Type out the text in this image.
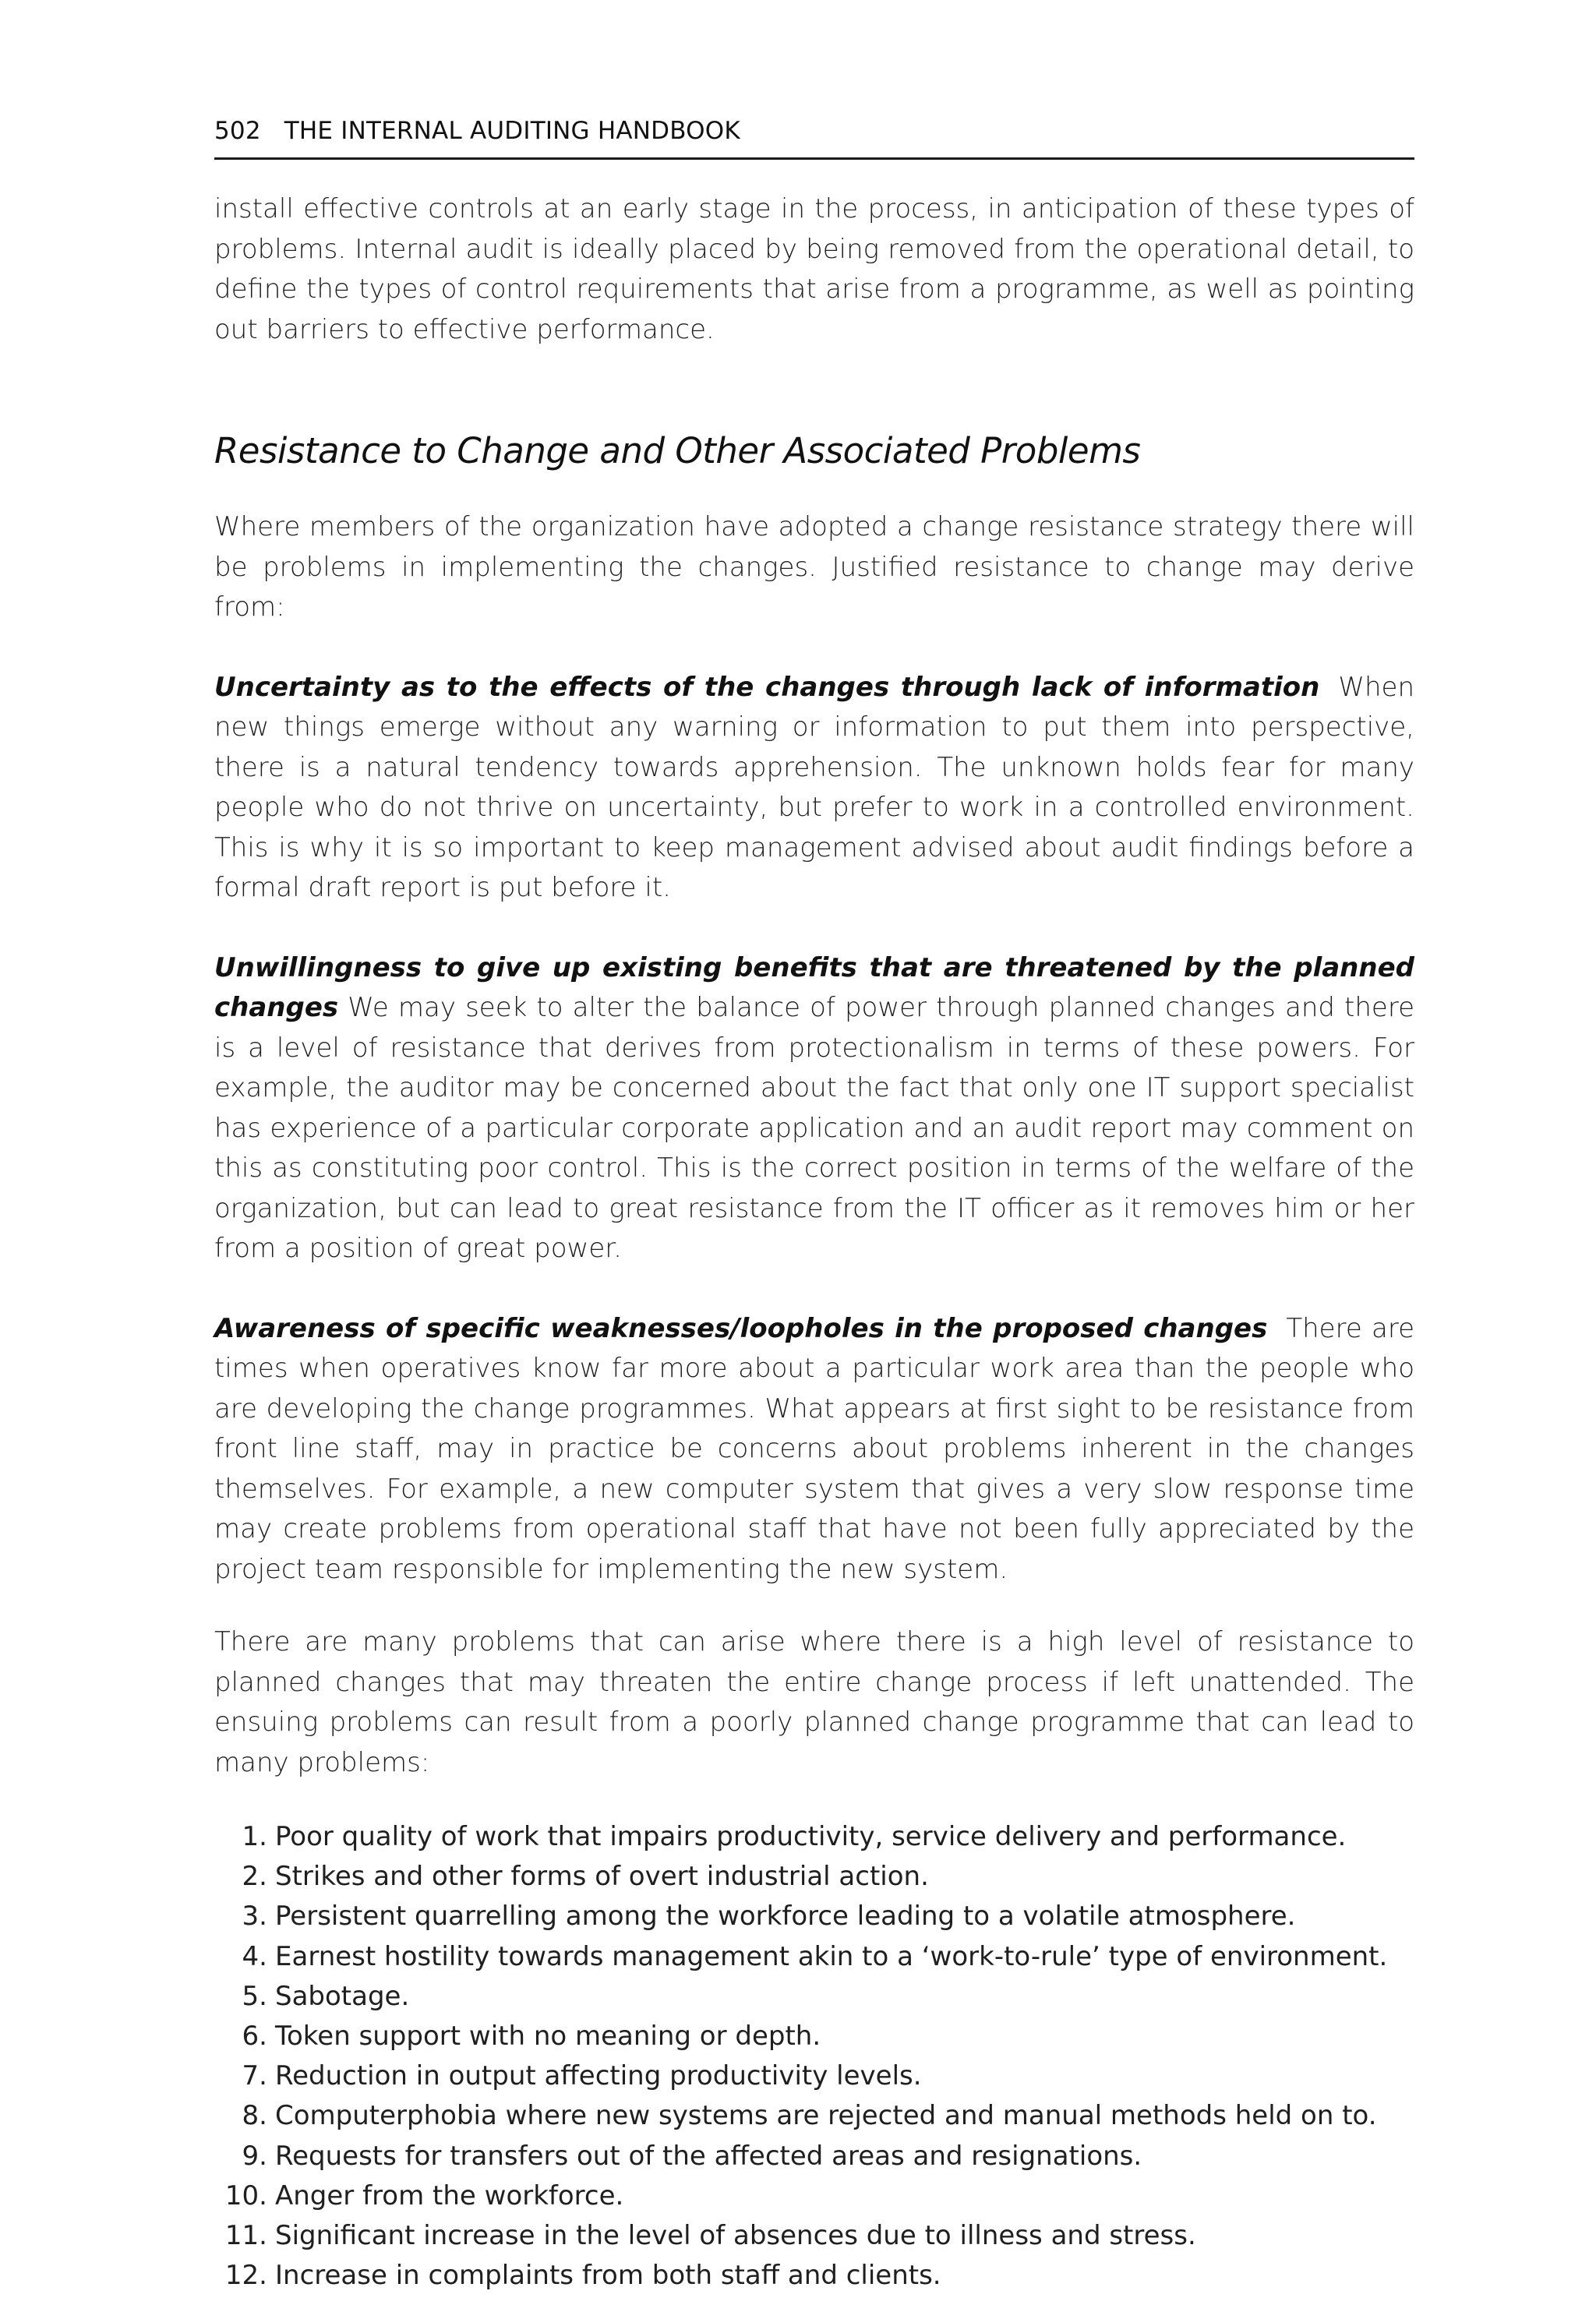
502 THE INTERNAL AUDITING HANDBOOK

install effective controls at an early stage in the process, in anticipation of these types of problems. Internal audit is ideally placed by being removed from the operational detail, to define the types of control requirements that arise from a programme, as well as pointing out barriers to effective performance.

Resistance to Change and Other Associated Problems

Where members of the organization have adopted a change resistance strategy there will be problems in implementing the changes. Justified resistance to change may derive from:

Uncertainty as to the effects of the changes through lack of information When new things emerge without any warning or information to put them into perspective, there is a natural tendency towards apprehension. The unknown holds fear for many people who do not thrive on uncertainty, but prefer to work in a controlled environment. This is why it is so important to keep management advised about audit findings before a formal draft report is put before it.

Unwillingness to give up existing benefits that are threatened by the planned changes We may seek to alter the balance of power through planned changes and there is a level of resistance that derives from protectionalism in terms of these powers. For example, the auditor may be concerned about the fact that only one IT support specialist has experience of a particular corporate application and an audit report may comment on this as constituting poor control. This is the correct position in terms of the welfare of the organization, but can lead to great resistance from the IT officer as it removes him or her from a position of great power.

Awareness of specific weaknesses/loopholes in the proposed changes There are times when operatives know far more about a particular work area than the people who are developing the change programmes. What appears at first sight to be resistance from front line staff, may in practice be concerns about problems inherent in the changes themselves. For example, a new computer system that gives a very slow response time may create problems from operational staff that have not been fully appreciated by the project team responsible for implementing the new system.

There are many problems that can arise where there is a high level of resistance to planned changes that may threaten the entire change process if left unattended. The ensuing problems can result from a poorly planned change programme that can lead to many problems:

1. Poor quality of work that impairs productivity, service delivery and performance.
2. Strikes and other forms of overt industrial action.
3. Persistent quarrelling among the workforce leading to a volatile atmosphere.
4. Earnest hostility towards management akin to a ‘work-to-rule’ type of environment.
5. Sabotage.
6. Token support with no meaning or depth.
7. Reduction in output affecting productivity levels.
8. Computerphobia where new systems are rejected and manual methods held on to.
9. Requests for transfers out of the affected areas and resignations.
10. Anger from the workforce.
11. Significant increase in the level of absences due to illness and stress.
12. Increase in complaints from both staff and clients.
